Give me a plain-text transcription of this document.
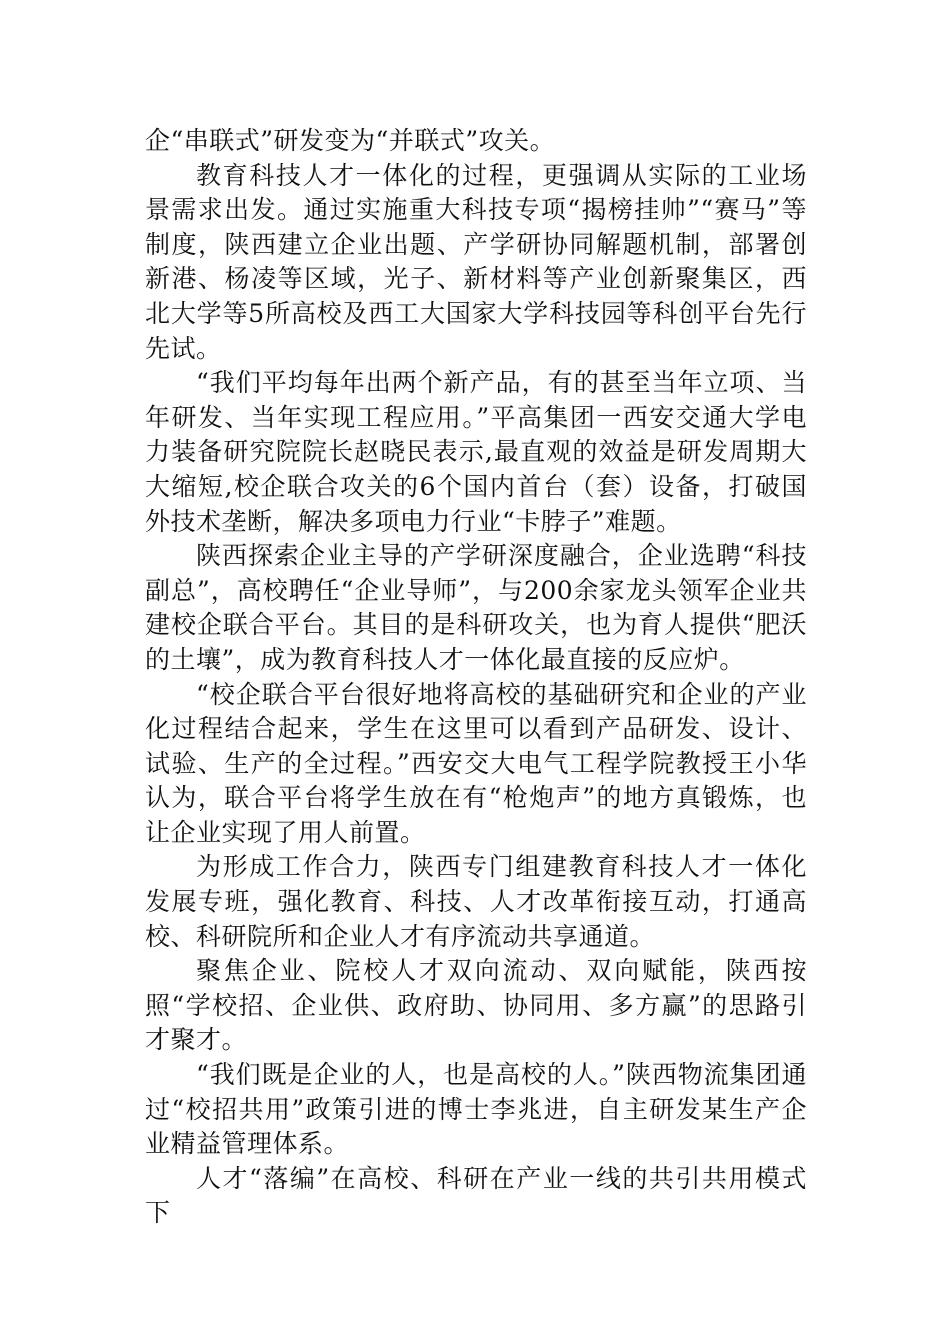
企“串联式”研发变为“并联式”攻关。

教育科技人才一体化的过程，更强调从实际的工业场景需求出发。通过实施重大科技专项“揭榜挂帅”“赛马”等制度，陕西建立企业出题、产学研协同解题机制，部署创新港、杨凌等区域，光子、新材料等产业创新聚集区，西北大学等5所高校及西工大国家大学科技园等科创平台先行先试。

“我们平均每年出两个新产品，有的甚至当年立项、当年研发、当年实现工程应用。”平高集团一西安交通大学电力装备研究院院长赵晓民表示,最直观的效益是研发周期大大缩短,校企联合攻关的6个国内首台（套）设备，打破国外技术垄断，解决多项电力行业“卡脖子”难题。

陕西探索企业主导的产学研深度融合，企业选聘“科技副总”，高校聘任“企业导师”，与200余家龙头领军企业共建校企联合平台。其目的是科研攻关，也为育人提供“肥沃的土壤”，成为教育科技人才一体化最直接的反应炉。

“校企联合平台很好地将高校的基础研究和企业的产业化过程结合起来，学生在这里可以看到产品研发、设计、试验、生产的全过程。”西安交大电气工程学院教授王小华认为，联合平台将学生放在有“枪炮声”的地方真锻炼，也让企业实现了用人前置。

为形成工作合力，陕西专门组建教育科技人才一体化发展专班，强化教育、科技、人才改革衔接互动，打通高校、科研院所和企业人才有序流动共享通道。

聚焦企业、院校人才双向流动、双向赋能，陕西按照“学校招、企业供、政府助、协同用、多方赢”的思路引才聚才。

“我们既是企业的人，也是高校的人。”陕西物流集团通过“校招共用”政策引进的博士李兆进，自主研发某生产企业精益管理体系。

人才“落编”在高校、科研在产业一线的共引共用模式下
